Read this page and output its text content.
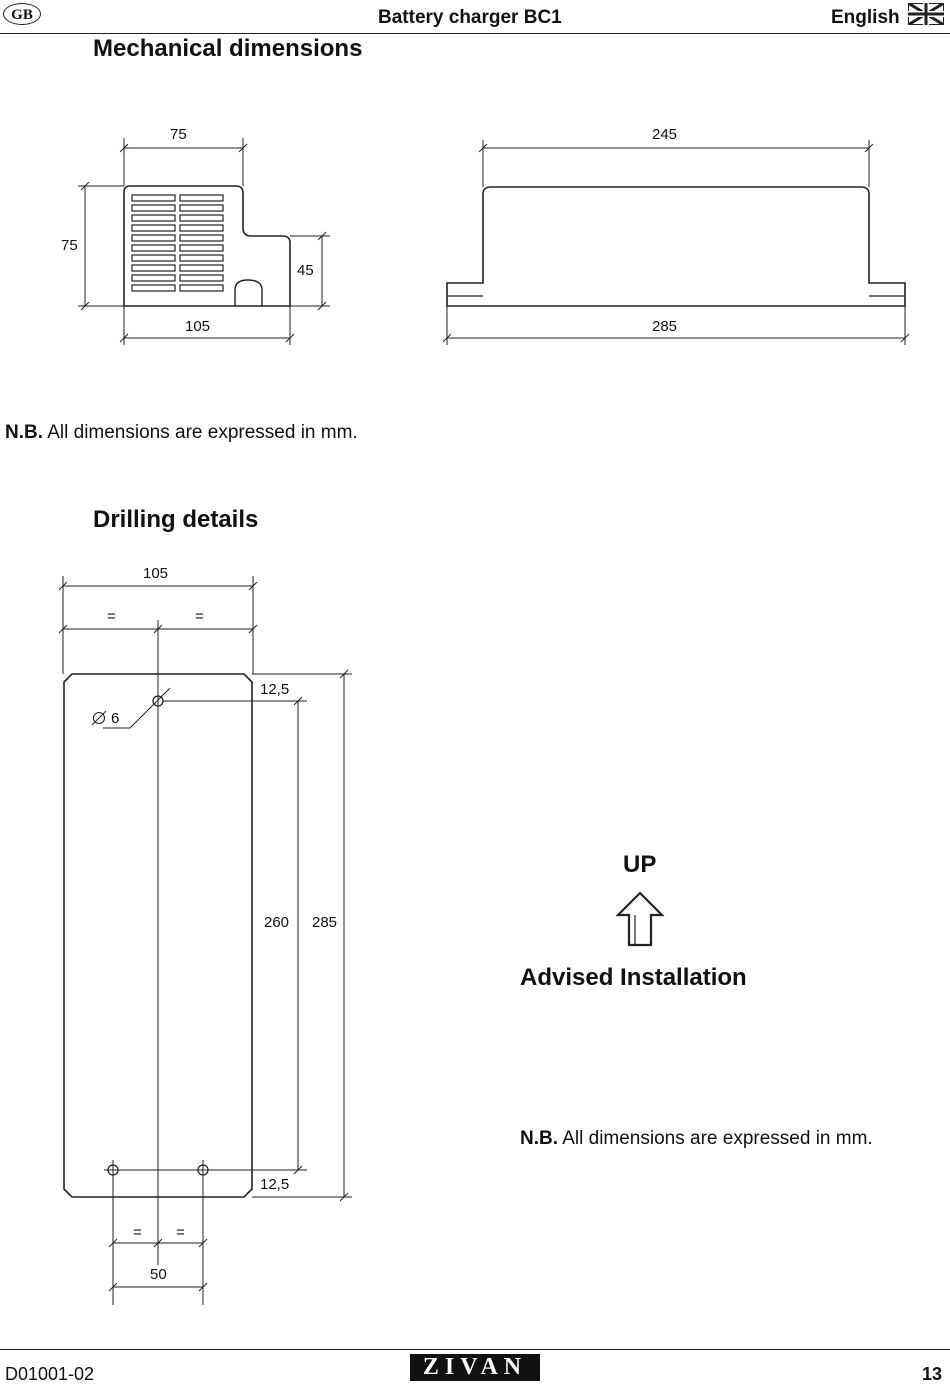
GB	Battery charger BC1	English
Mechanical dimensions
75
75
45
105
245
285
N.B. All dimensions are expressed in mm.
Drilling details
105
=	=
6
12,5
260 285
12,5
= =
50
UP
Advised Installation
N.B. All dimensions are expressed in mm.
D01001-02	ZIVAN	13
